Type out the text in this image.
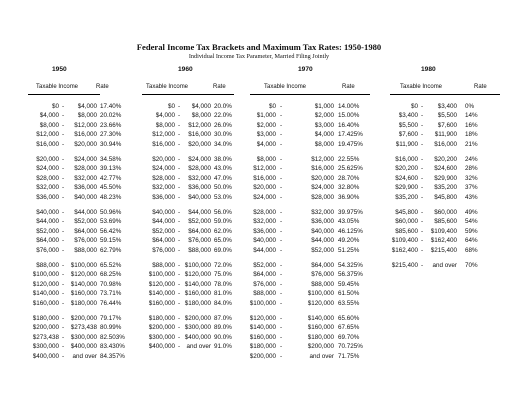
Federal Income Tax Brackets and Maximum Tax Rates: 1950-1980
Individual Income Tax Parameter, Married Filing Jointly
1950
Taxable Income	Rate
$0 - $4,000 17.40%
$4,000 - $8,000 20.02%
$8,000 - $12,000 23.66%
$12,000 - $16,000 27.30%
$16,000 - $20,000 30.94%
$20,000 - $24,000 34.58%
$24,000 - $28,000 39.13%
$28,000 - $32,000 42.77%
$32,000 - $36,000 45.50%
$36,000 - $40,000 48.23%
$40,000 - $44,000 50.96%
$44,000 - $52,000 53.69%
$52,000 - $64,000 56.42%
$64,000 - $76,000 59.15%
$76,000 - $88,000 62.79%
$88,000 - $100,000 65.52%
$100,000 - $120,000 68.25%
$120,000 - $140,000 70.98%
$140,000 - $160,000 73.71%
$160,000 - $180,000 76.44%
$180,000 - $200,000 79.17%
$200,000 - $273,438 80.99%
$273,438 - $300,000 82.503%
$300,000 - $400,000 83.430%
$400,000 - and over 84.357%
1960
Taxable Income	Rate
$0 - $4,000 20.0%
$4,000 - $8,000 22.0%
$8,000 - $12,000 26.0%
$12,000 - $16,000 30.0%
$16,000 - $20,000 34.0%
$20,000 - $24,000 38.0%
$24,000 - $28,000 43.0%
$28,000 - $32,000 47.0%
$32,000 - $36,000 50.0%
$36,000 - $40,000 53.0%
$40,000 - $44,000 56.0%
$44,000 - $52,000 59.0%
$52,000 - $64,000 62.0%
$64,000 - $76,000 65.0%
$76,000 - $88,000 69.0%
$88,000 - $100,000 72.0%
$100,000 - $120,000 75.0%
$120,000 - $140,000 78.0%
$140,000 - $160,000 81.0%
$160,000 - $180,000 84.0%
$180,000 - $200,000 87.0%
$200,000 - $300,000 89.0%
$300,000 - $400,000 90.0%
$400,000 - and over 91.0%
1970
Taxable Income	Rate
$0 -	$1,000 14.00%
$1,000 -	$2,000 15.00%
$2,000 -	$3,000 16.40%
$3,000 -	$4,000 17.425%
$4,000 -	$8,000 19.475%
$8,000 -	$12,000 22.55%
$12,000 -	$16,000 25.625%
$16,000 -	$20,000 28.70%
$20,000 -	$24,000 32.80%
$24,000 -	$28,000 36.90%
$28,000 -	$32,000 39.975%
$32,000 -	$36,000 43.05%
$36,000 -	$40,000 46.125%
$40,000 -	$44,000 49.20%
$44,000 -	$52,000 51.25%
$52,000 -	$64,000 54.325%
$64,000 -	$76,000 56.375%
$76,000 -	$88,000 59.45%
$88,000 -	$100,000 61.50%
$100,000 -	$120,000 63.55%
$120,000 -	$140,000 65.60%
$140,000 -	$160,000 67.65%
$160,000 -	$180,000 69.70%
$180,000 -	$200,000 70.725%
$200,000 -	and over 71.75%
1980
Taxable Income	Rate
$0 - $3,400 0%
$3,400 - $5,500 14%
$5,500 - $7,600 16%
$7,600 - $11,900 18%
$11,900 - $16,000 21%
$16,000 - $20,200 24%
$20,200 - $24,600 28%
$24,600 - $29,900 32%
$29,900 - $35,200 37%
$35,200 - $45,800 43%
$45,800 - $60,000 49%
$60,000 - $85,600 54%
$85,600 - $109,400 59%
$109,400 - $162,400 64%
$162,400 - $215,400 68%
$215,400 - and over 70%
